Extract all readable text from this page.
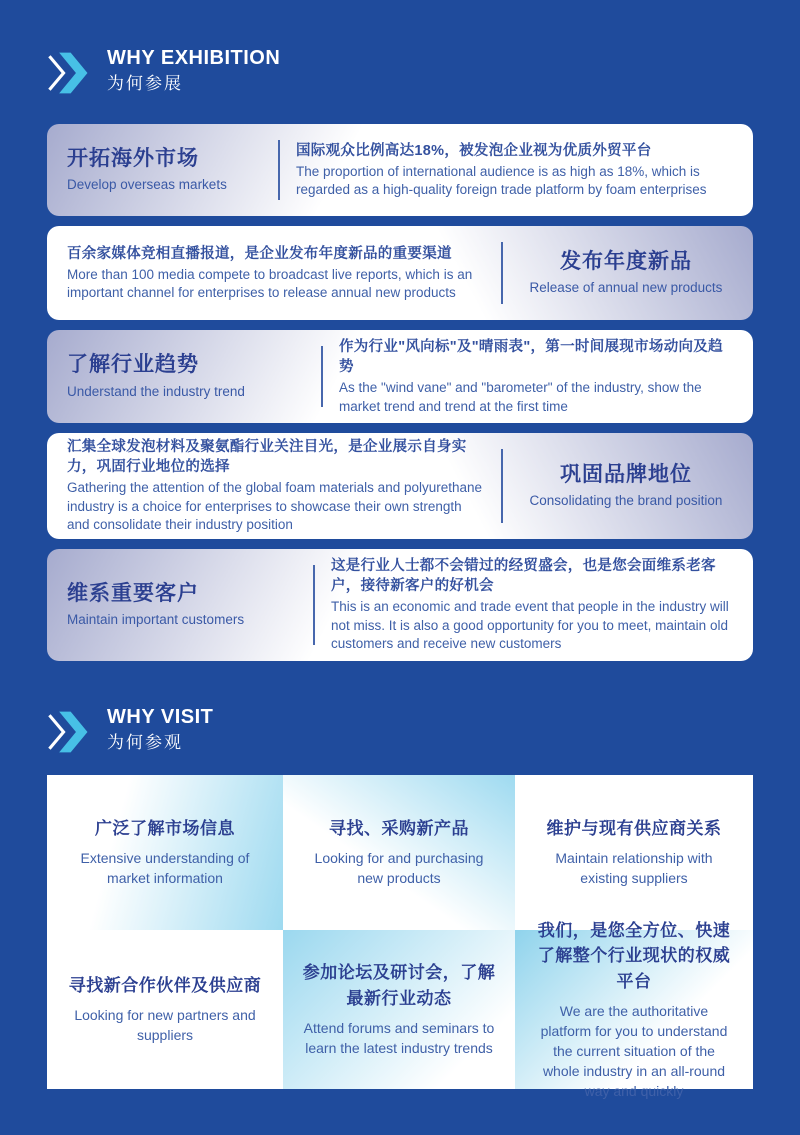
WHY EXHIBITION
为何参展
开拓海外市场
Develop overseas markets
国际观众比例高达18%，被发泡企业视为优质外贸平台
The proportion of international audience is as high as 18%, which is regarded as a high-quality foreign trade platform by foam enterprises
百余家媒体竞相直播报道，是企业发布年度新品的重要渠道
More than 100 media compete to broadcast live reports, which is an important channel for enterprises to release annual new products
发布年度新品
Release of annual new products
了解行业趋势
Understand the industry trend
作为行业"风向标"及"晴雨表"，第一时间展现市场动向及趋势
As the "wind vane" and "barometer" of the industry, show the market trend and trend at the first time
汇集全球发泡材料及聚氨酯行业关注目光，是企业展示自身实力，巩固行业地位的选择
Gathering the attention of the global foam materials and polyurethane industry is a choice for enterprises to showcase their own strength and consolidate their industry position
巩固品牌地位
Consolidating the brand position
维系重要客户
Maintain important customers
这是行业人士都不会错过的经贸盛会，也是您会面维系老客户，接待新客户的好机会
This is an economic and trade event that people in the industry will not miss. It is also a good opportunity for you to meet, maintain old customers and receive new customers
WHY VISIT
为何参观
广泛了解市场信息
Extensive understanding of market information
寻找、采购新产品
Looking for and purchasing new products
维护与现有供应商关系
Maintain relationship with existing suppliers
寻找新合作伙伴及供应商
Looking for new partners and suppliers
参加论坛及研讨会，了解最新行业动态
Attend forums and seminars to learn the latest industry trends
我们，是您全方位、快速了解整个行业现状的权威平台
We are the authoritative platform for you to understand the current situation of the whole industry in an all-round way and quickly
